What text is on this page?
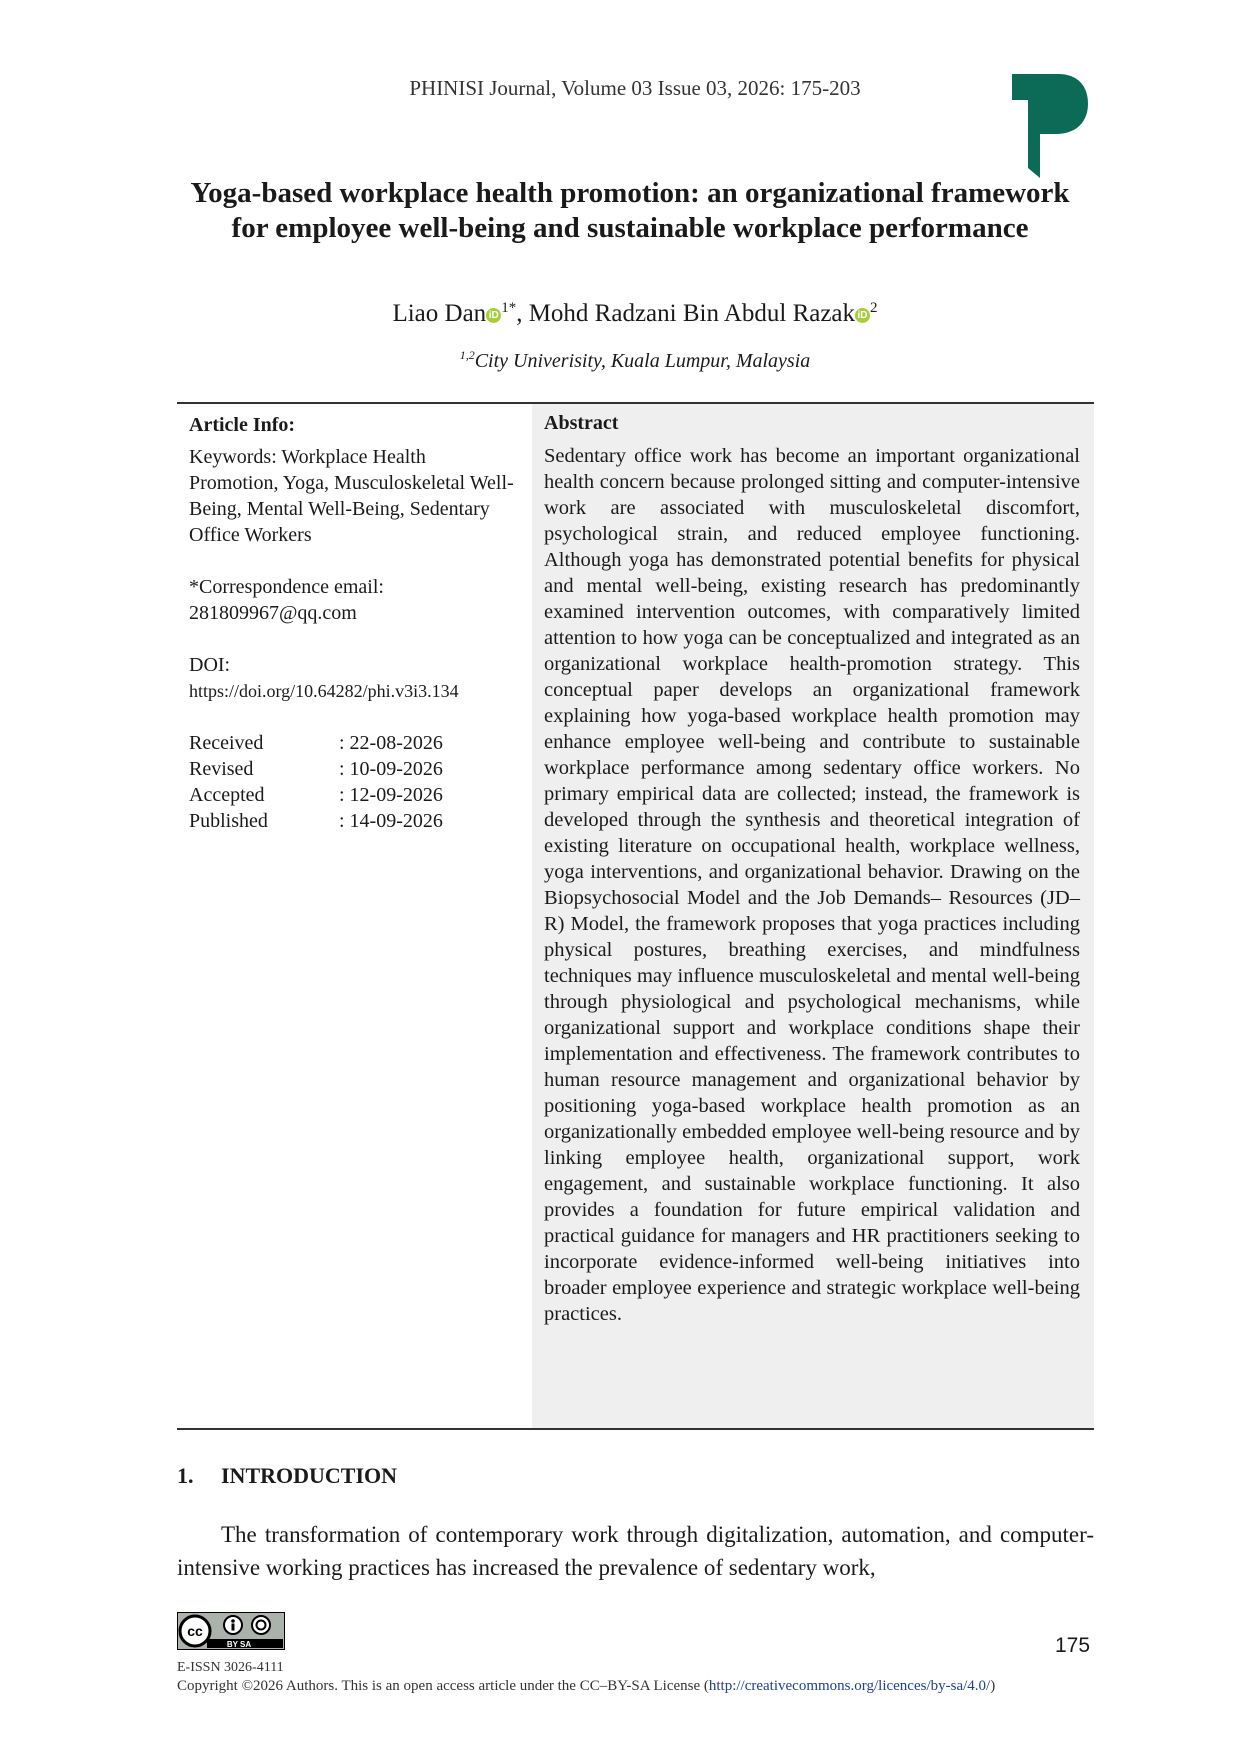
PHINISI Journal, Volume 03 Issue 03, 2026: 175-203
Yoga-based workplace health promotion: an organizational framework for employee well-being and sustainable workplace performance
Liao Dan iD $^{1*}$, Mohd Radzani Bin Abdul Razak iD $^2$
$^{1,2}$City Univerisity, Kuala Lumpur, Malaysia
Article Info:
Keywords: Workplace Health Promotion, Yoga, Musculoskeletal Well-Being, Mental Well-Being, Sedentary Office Workers
*Correspondence email:
281809967@qq.com
DOI:
https://doi.org/10.64282/phi.v3i3.134
Received	: 22-08-2026
Revised	: 10-09-2026
Accepted	: 12-09-2026
Published	: 14-09-2026
Abstract
Sedentary office work has become an important organizational health concern because prolonged sitting and computer-intensive work are associated with musculoskeletal discomfort, psychological strain, and reduced employee functioning. Although yoga has demonstrated potential benefits for physical and mental well-being, existing research has predominantly examined intervention outcomes, with comparatively limited attention to how yoga can be conceptualized and integrated as an organizational workplace health-promotion strategy. This conceptual paper develops an organizational framework explaining how yoga-based workplace health promotion may enhance employee well-being and contribute to sustainable workplace performance among sedentary office workers. No primary empirical data are collected; instead, the framework is developed through the synthesis and theoretical integration of existing literature on occupational health, workplace wellness, yoga interventions, and organizational behavior. Drawing on the Biopsychosocial Model and the Job Demands– Resources (JD–R) Model, the framework proposes that yoga practices including physical postures, breathing exercises, and mindfulness techniques may influence musculoskeletal and mental well-being through physiological and psychological mechanisms, while organizational support and workplace conditions shape their implementation and effectiveness. The framework contributes to human resource management and organizational behavior by positioning yoga-based workplace health promotion as an organizationally embedded employee well-being resource and by linking employee health, organizational support, work engagement, and sustainable workplace functioning. It also provides a foundation for future empirical validation and practical guidance for managers and HR practitioners seeking to incorporate evidence-informed well-being initiatives into broader employee experience and strategic workplace well-being practices.
1. INTRODUCTION
The transformation of contemporary work through digitalization, automation, and computer-intensive working practices has increased the prevalence of sedentary work,
cc
BY SA	175
E-ISSN 3026-4111
Copyright ©2026 Authors. This is an open access article under the CC–BY-SA License (http://creativecommons.org/licences/by-sa/4.0/)
